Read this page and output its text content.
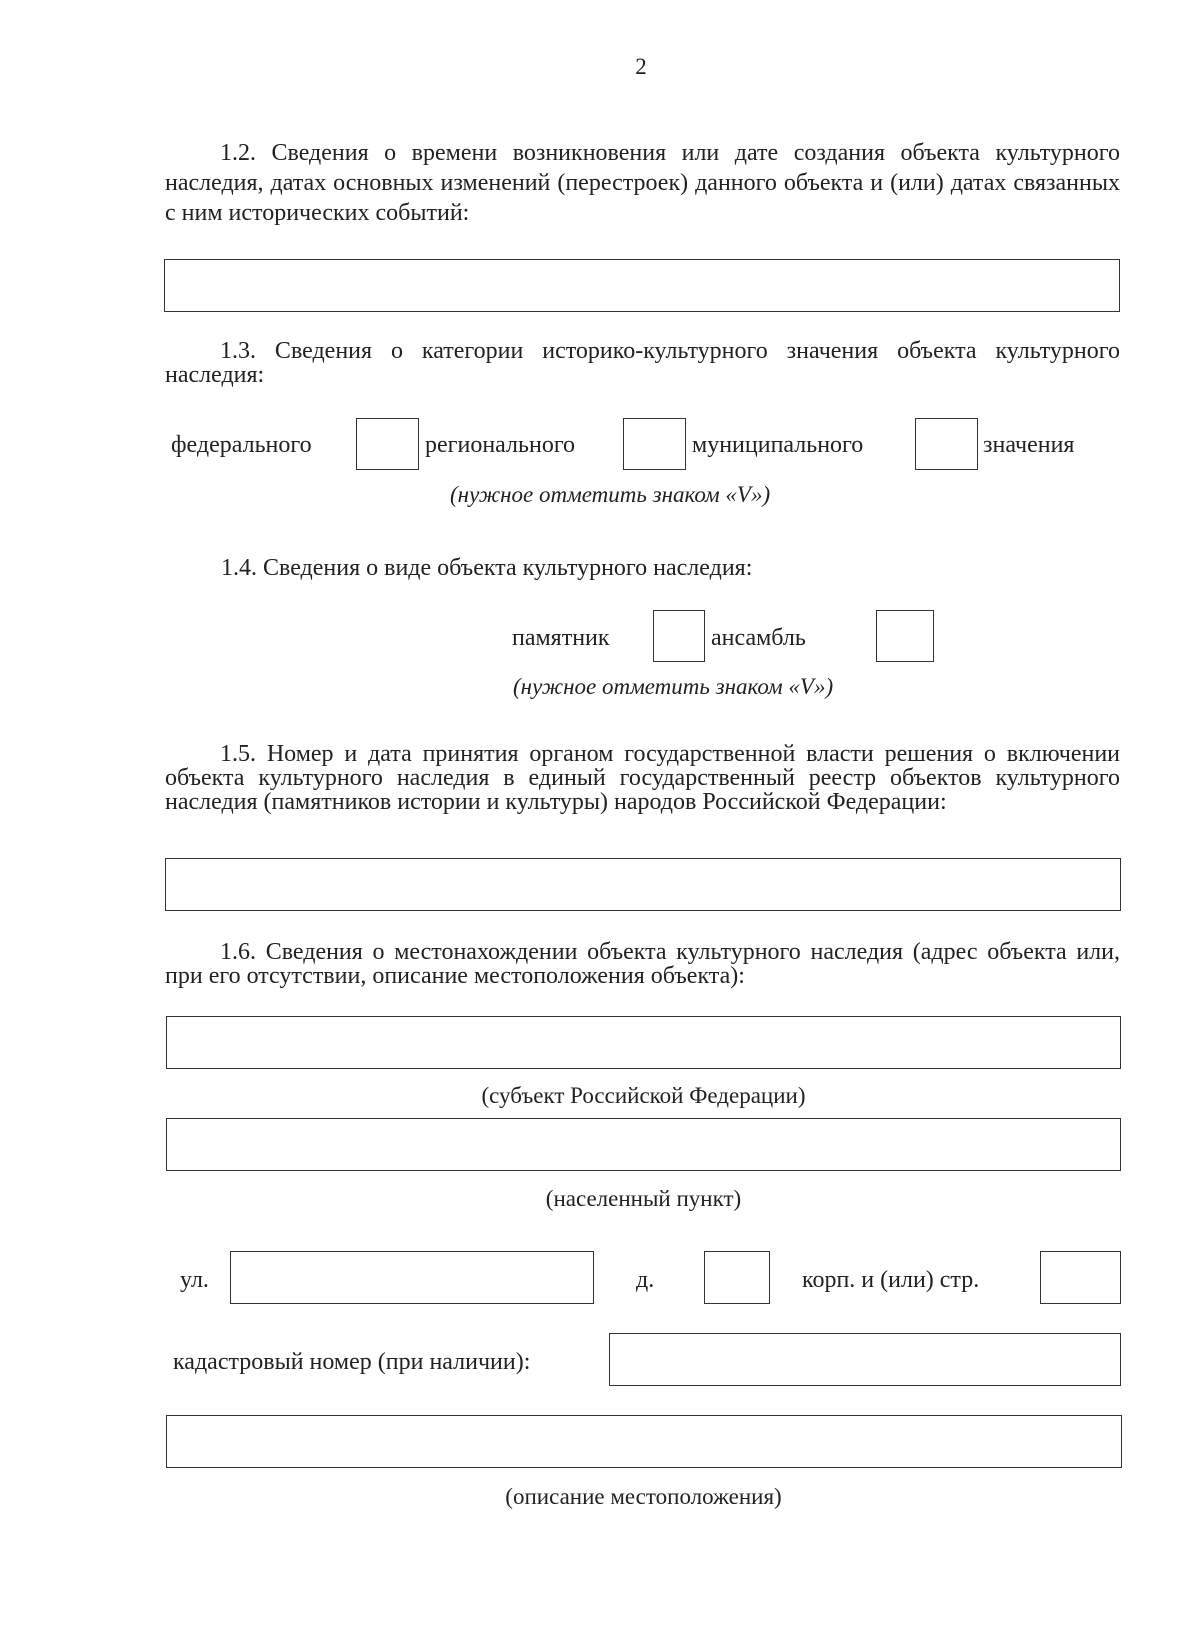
2
1.2. Сведения о времени возникновения или дате создания объекта культурного наследия, датах основных изменений (перестроек) данного объекта и (или) датах связанных с ним исторических событий:
1.3. Сведения о категории историко-культурного значения объекта культурного наследия:
федерального	регионального	муниципального	значения
(нужное отметить знаком «V»)
1.4. Сведения о виде объекта культурного наследия:
памятник	ансамбль
(нужное отметить знаком «V»)
1.5. Номер и дата принятия органом государственной власти решения о включении объекта культурного наследия в единый государственный реестр объектов культурного наследия (памятников истории и культуры) народов Российской Федерации:
1.6. Сведения о местонахождении объекта культурного наследия (адрес объекта или, при его отсутствии, описание местоположения объекта):
(субъект Российской Федерации)
(населенный пункт)
ул.	д.	корп. и (или) стр.
кадастровый номер (при наличии):
(описание местоположения)
